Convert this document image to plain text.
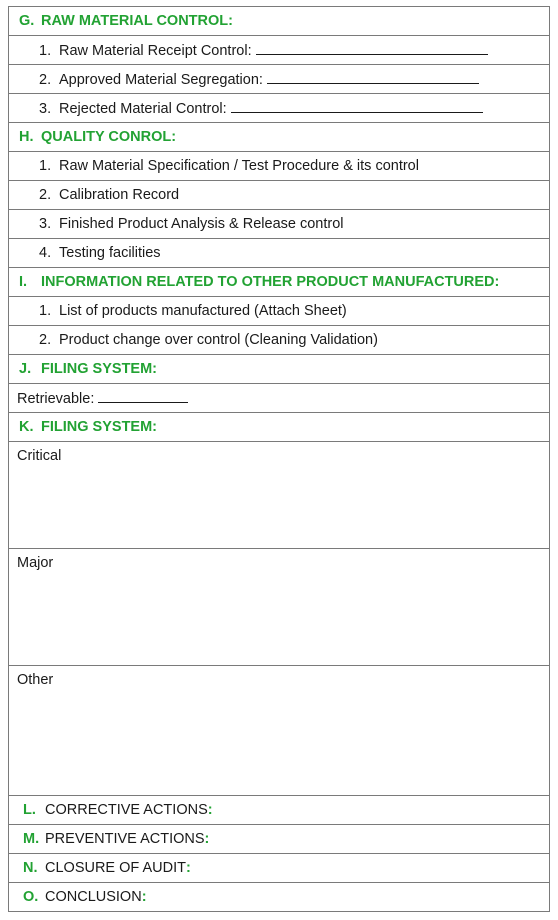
G. RAW MATERIAL CONTROL:
1. Raw Material Receipt Control:
2. Approved Material Segregation:
3. Rejected Material Control:
H. QUALITY CONROL:
1. Raw Material Specification / Test Procedure & its control
2. Calibration Record
3. Finished Product Analysis & Release control
4. Testing facilities
I. INFORMATION RELATED TO OTHER PRODUCT MANUFACTURED:
1. List of products manufactured (Attach Sheet)
2. Product change over control (Cleaning Validation)
J. FILING SYSTEM:
Retrievable:
K. FILING SYSTEM:
Critical
Major
Other
L. CORRECTIVE ACTIONS:
M. PREVENTIVE ACTIONS:
N. CLOSURE OF AUDIT:
O. CONCLUSION:
